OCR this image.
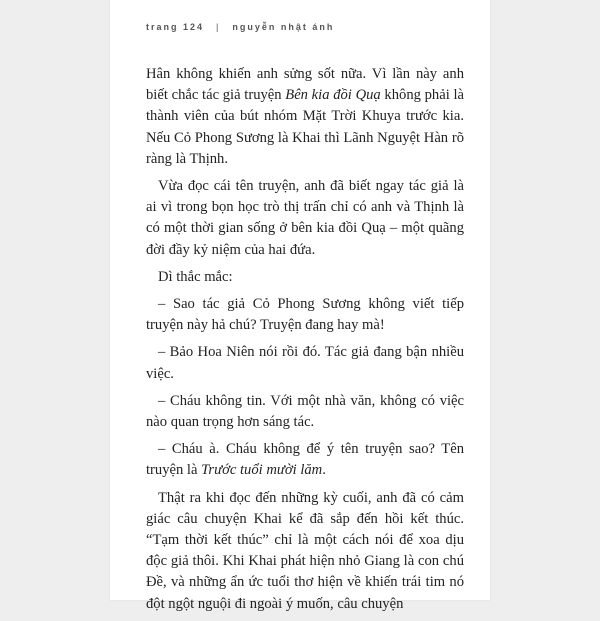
trang 124 | nguyễn nhật ánh

Hân không khiến anh sửng sốt nữa. Vì lần này anh biết chắc tác giả truyện Bên kia đồi Quạ không phải là thành viên của bút nhóm Mặt Trời Khuya trước kia. Nếu Cỏ Phong Sương là Khai thì Lãnh Nguyệt Hàn rõ ràng là Thịnh.

Vừa đọc cái tên truyện, anh đã biết ngay tác giả là ai vì trong bọn học trò thị trấn chỉ có anh và Thịnh là có một thời gian sống ở bên kia đồi Quạ – một quãng đời đầy kỷ niệm của hai đứa.

Dì thắc mắc:

– Sao tác giả Cỏ Phong Sương không viết tiếp truyện này hả chú? Truyện đang hay mà!

– Bảo Hoa Niên nói rồi đó. Tác giả đang bận nhiều việc.

– Cháu không tin. Với một nhà văn, không có việc nào quan trọng hơn sáng tác.

– Cháu à. Cháu không để ý tên truyện sao? Tên truyện là Trước tuổi mười lăm.

Thật ra khi đọc đến những kỳ cuối, anh đã có cảm giác câu chuyện Khai kể đã sắp đến hồi kết thúc. “Tạm thời kết thúc” chỉ là một cách nói để xoa dịu độc giả thôi. Khi Khai phát hiện nhỏ Giang là con chú Đề, và những ẩn ức tuổi thơ hiện về khiến trái tim nó đột ngột nguội đi ngoài ý muốn, câu chuyện
